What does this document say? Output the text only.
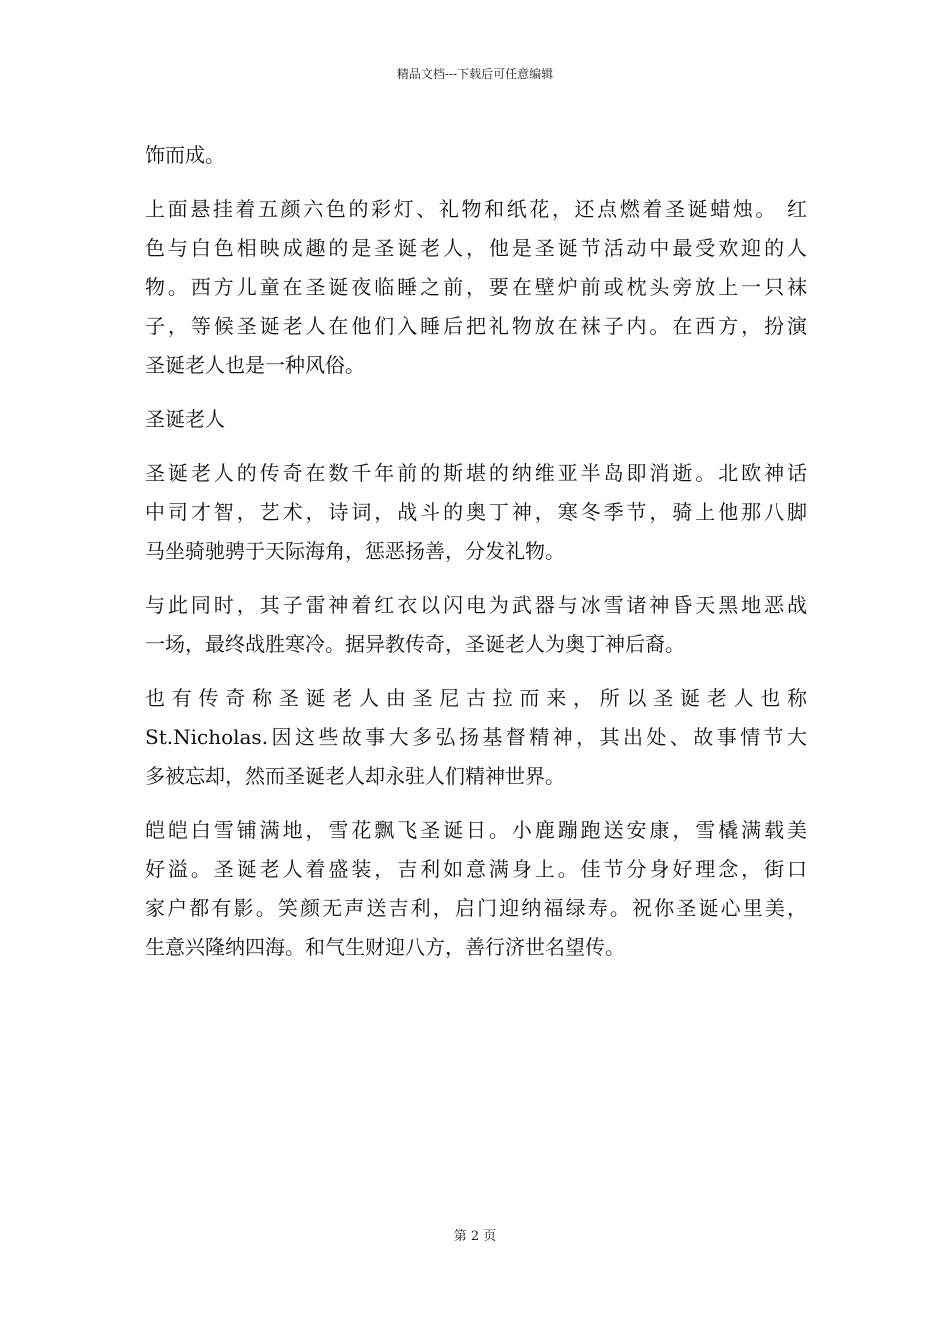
精品文档---下载后可任意编辑
饰而成。
上面悬挂着五颜六色的彩灯、礼物和纸花，还点燃着圣诞蜡烛。 红
色与白色相映成趣的是圣诞老人，他是圣诞节活动中最受欢迎的人
物。西方儿童在圣诞夜临睡之前，要在壁炉前或枕头旁放上一只袜
子，等候圣诞老人在他们入睡后把礼物放在袜子内。在西方，扮演
圣诞老人也是一种风俗。
圣诞老人
圣诞老人的传奇在数千年前的斯堪的纳维亚半岛即消逝。北欧神话
中司才智，艺术，诗词，战斗的奥丁神，寒冬季节，骑上他那八脚
马坐骑驰骋于天际海角，惩恶扬善，分发礼物。
与此同时，其子雷神着红衣以闪电为武器与冰雪诸神昏天黑地恶战
一场，最终战胜寒冷。据异教传奇，圣诞老人为奥丁神后裔。
也有传奇称圣诞老人由圣尼古拉而来，所以圣诞老人也称
St.Nicholas.因这些故事大多弘扬基督精神，其出处、故事情节大
多被忘却，然而圣诞老人却永驻人们精神世界。
皑皑白雪铺满地，雪花飘飞圣诞日。小鹿蹦跑送安康，雪橇满载美
好溢。圣诞老人着盛装，吉利如意满身上。佳节分身好理念，街口
家户都有影。笑颜无声送吉利，启门迎纳福绿寿。祝你圣诞心里美，
生意兴隆纳四海。和气生财迎八方，善行济世名望传。
第 2 页
